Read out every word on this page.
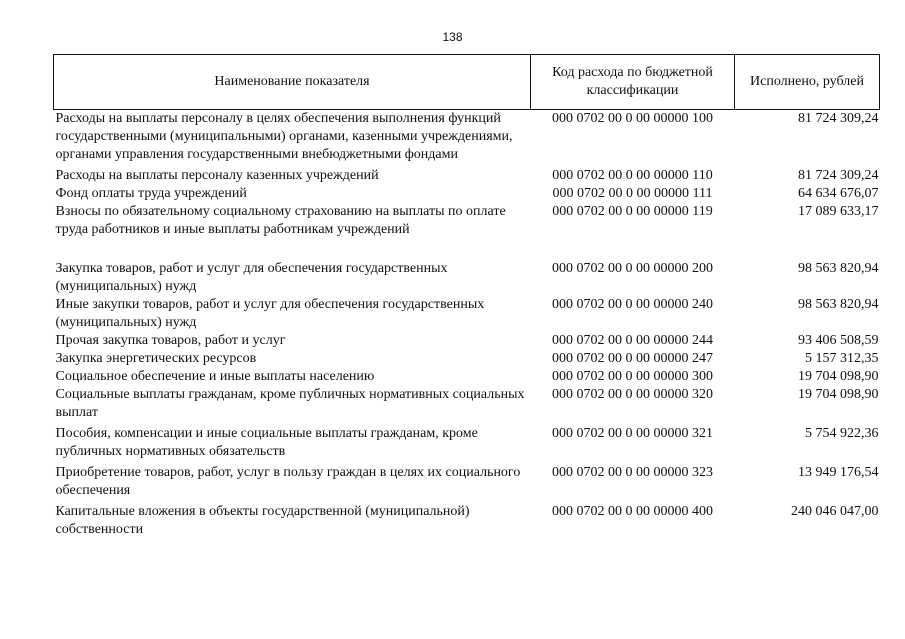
138
Наименование показателя	Код расхода по бюджетной классификации	Исполнено, рублей
Расходы на выплаты персоналу в целях обеспечения выполнения функций государственными (муниципальными) органами, казенными учреждениями, органами управления государственными внебюджетными фондами	000 0702 00 0 00 00000 100	81 724 309,24
Расходы на выплаты персоналу казенных учреждений	000 0702 00 0 00 00000 110	81 724 309,24
Фонд оплаты труда учреждений	000 0702 00 0 00 00000 111	64 634 676,07
Взносы по обязательному социальному страхованию на выплаты по оплате труда работников и иные выплаты работникам учреждений	000 0702 00 0 00 00000 119	17 089 633,17
Закупка товаров, работ и услуг для обеспечения государственных (муниципальных) нужд	000 0702 00 0 00 00000 200	98 563 820,94
Иные закупки товаров, работ и услуг для обеспечения государственных (муниципальных) нужд	000 0702 00 0 00 00000 240	98 563 820,94
Прочая закупка товаров, работ и услуг	000 0702 00 0 00 00000 244	93 406 508,59
Закупка энергетических ресурсов	000 0702 00 0 00 00000 247	5 157 312,35
Социальное обеспечение и иные выплаты населению	000 0702 00 0 00 00000 300	19 704 098,90
Социальные выплаты гражданам, кроме публичных нормативных социальных выплат	000 0702 00 0 00 00000 320	19 704 098,90
Пособия, компенсации и иные социальные выплаты гражданам, кроме публичных нормативных обязательств	000 0702 00 0 00 00000 321	5 754 922,36
Приобретение товаров, работ, услуг в пользу граждан в целях их социального обеспечения	000 0702 00 0 00 00000 323	13 949 176,54
Капитальные вложения в объекты государственной (муниципальной) собственности	000 0702 00 0 00 00000 400	240 046 047,00
